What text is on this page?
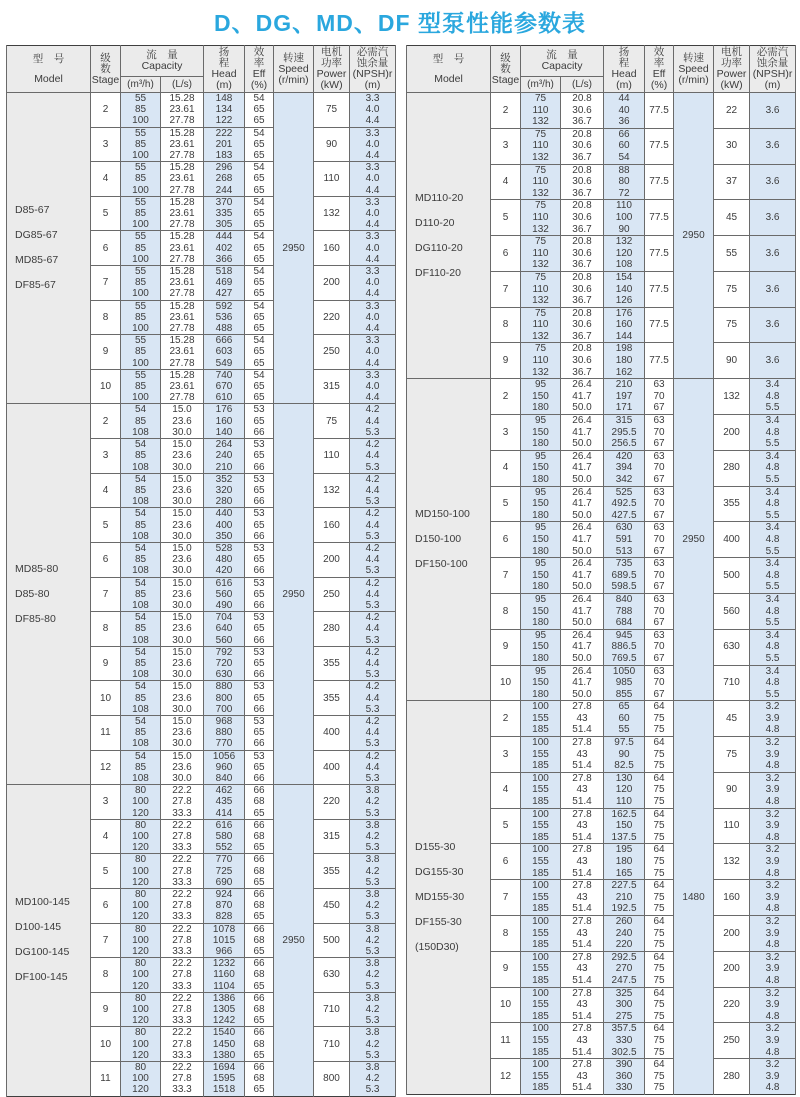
D、DG、MD、DF 型泵性能参数表
型　号
Model

级
数
Stage

流　量
Capacity

扬
程
Head
(m)

效
率
Eff
(%)

转速
Speed
(r/min)

电机
功率
Power
(kW)

必需汽
蚀余量
(NPSH)r
(m)

		(m³/h)	(L/s)					

D85-67
DG85-67
MD85-67
DF85-67	2	55	15.28	148	54	2950	75	3.3
		85	23.61	134	65			4.0
		100	27.78	122	65			4.4
	3	55	15.28	222	54		90	3.3
		85	23.61	201	65			4.0
		100	27.78	183	65			4.4
	4	55	15.28	296	54		110	3.3
		85	23.61	268	65			4.0
		100	27.78	244	65			4.4
	5	55	15.28	370	54		132	3.3
		85	23.61	335	65			4.0
		100	27.78	305	65			4.4
	6	55	15.28	444	54		160	3.3
		85	23.61	402	65			4.0
		100	27.78	366	65			4.4
	7	55	15.28	518	54		200	3.3
		85	23.61	469	65			4.0
		100	27.78	427	65			4.4
	8	55	15.28	592	54		220	3.3
		85	23.61	536	65			4.0
		100	27.78	488	65			4.4
	9	55	15.28	666	54		250	3.3
		85	23.61	603	65			4.0
		100	27.78	549	65			4.4
	10	55	15.28	740	54		315	3.3
		85	23.61	670	65			4.0
		100	27.78	610	65			4.4

MD85-80
D85-80
DF85-80	2	54	15.0	176	53	2950	75	4.2
		85	23.6	160	65			4.4
		108	30.0	140	66			5.3
	3	54	15.0	264	53		110	4.2
		85	23.6	240	65			4.4
		108	30.0	210	66			5.3
	4	54	15.0	352	53		132	4.2
		85	23.6	320	65			4.4
		108	30.0	280	66			5.3
	5	54	15.0	440	53		160	4.2
		85	23.6	400	65			4.4
		108	30.0	350	66			5.3
	6	54	15.0	528	53		200	4.2
		85	23.6	480	65			4.4
		108	30.0	420	66			5.3
	7	54	15.0	616	53		250	4.2
		85	23.6	560	65			4.4
		108	30.0	490	66			5.3
	8	54	15.0	704	53		280	4.2
		85	23.6	640	65			4.4
		108	30.0	560	66			5.3
	9	54	15.0	792	53		355	4.2
		85	23.6	720	65			4.4
		108	30.0	630	66			5.3
	10	54	15.0	880	53		355	4.2
		85	23.6	800	65			4.4
		108	30.0	700	66			5.3
	11	54	15.0	968	53		400	4.2
		85	23.6	880	65			4.4
		108	30.0	770	66			5.3
	12	54	15.0	1056	53		400	4.2
		85	23.6	960	65			4.4
		108	30.0	840	66			5.3

MD100-145
D100-145
DG100-145
DF100-145	3	80	22.2	462	66	2950	220	3.8
		100	27.8	435	68			4.2
		120	33.3	414	65			5.3
	4	80	22.2	616	66		315	3.8
		100	27.8	580	68			4.2
		120	33.3	552	65			5.3
	5	80	22.2	770	66		355	3.8
		100	27.8	725	68			4.2
		120	33.3	690	65			5.3
	6	80	22.2	924	66		450	3.8
		100	27.8	870	68			4.2
		120	33.3	828	65			5.3
	7	80	22.2	1078	66		500	3.8
		100	27.8	1015	68			4.2
		120	33.3	966	65			5.3
	8	80	22.2	1232	66		630	3.8
		100	27.8	1160	68			4.2
		120	33.3	1104	65			5.3
	9	80	22.2	1386	66		710	3.8
		100	27.8	1305	68			4.2
		120	33.3	1242	65			5.3
	10	80	22.2	1540	66		710	3.8
		100	27.8	1450	68			4.2
		120	33.3	1380	65			5.3
	11	80	22.2	1694	66		800	3.8
		100	27.8	1595	68			4.2
		120	33.3	1518	65			5.3
型　号
Model

级
数
Stage

流　量
Capacity

扬
程
Head
(m)

效
率
Eff
(%)

转速
Speed
(r/min)

电机
功率
Power
(kW)

必需汽
蚀余量
(NPSH)r
(m)

		(m³/h)	(L/s)					

MD110-20
D110-20
DG110-20
DF110-20	2	75	20.8	44	77.5	2950	22	3.6
		110	30.6	40				
		132	36.7	36				
	3	75	20.8	66	77.5		30	3.6
		110	30.6	60				
		132	36.7	54				
	4	75	20.8	88	77.5		37	3.6
		110	30.6	80				
		132	36.7	72				
	5	75	20.8	110	77.5		45	3.6
		110	30.6	100				
		132	36.7	90				
	6	75	20.8	132	77.5		55	3.6
		110	30.6	120				
		132	36.7	108				
	7	75	20.8	154	77.5		75	3.6
		110	30.6	140				
		132	36.7	126				
	8	75	20.8	176	77.5		75	3.6
		110	30.6	160				
		132	36.7	144				
	9	75	20.8	198	77.5		90	3.6
		110	30.6	180				
		132	36.7	162				

MD150-100
D150-100
DF150-100	2	95	26.4	210	63	2950	132	3.4
		150	41.7	197	70			4.8
		180	50.0	171	67			5.5
	3	95	26.4	315	63		200	3.4
		150	41.7	295.5	70			4.8
		180	50.0	256.5	67			5.5
	4	95	26.4	420	63		280	3.4
		150	41.7	394	70			4.8
		180	50.0	342	67			5.5
	5	95	26.4	525	63		355	3.4
		150	41.7	492.5	70			4.8
		180	50.0	427.5	67			5.5
	6	95	26.4	630	63		400	3.4
		150	41.7	591	70			4.8
		180	50.0	513	67			5.5
	7	95	26.4	735	63		500	3.4
		150	41.7	689.5	70			4.8
		180	50.0	598.5	67			5.5
	8	95	26.4	840	63		560	3.4
		150	41.7	788	70			4.8
		180	50.0	684	67			5.5
	9	95	26.4	945	63		630	3.4
		150	41.7	886.5	70			4.8
		180	50.0	769.5	67			5.5
	10	95	26.4	1050	63		710	3.4
		150	41.7	985	70			4.8
		180	50.0	855	67			5.5

D155-30
DG155-30
MD155-30
DF155-30
(150D30)	2	100	27.8	65	64	1480	45	3.2
		155	43	60	75			3.9
		185	51.4	55	75			4.8
	3	100	27.8	97.5	64		75	3.2
		155	43	90	75			3.9
		185	51.4	82.5	75			4.8
	4	100	27.8	130	64		90	3.2
		155	43	120	75			3.9
		185	51.4	110	75			4.8
	5	100	27.8	162.5	64		110	3.2
		155	43	150	75			3.9
		185	51.4	137.5	75			4.8
	6	100	27.8	195	64		132	3.2
		155	43	180	75			3.9
		185	51.4	165	75			4.8
	7	100	27.8	227.5	64		160	3.2
		155	43	210	75			3.9
		185	51.4	192.5	75			4.8
	8	100	27.8	260	64		200	3.2
		155	43	240	75			3.9
		185	51.4	220	75			4.8
	9	100	27.8	292.5	64		200	3.2
		155	43	270	75			3.9
		185	51.4	247.5	75			4.8
	10	100	27.8	325	64		220	3.2
		155	43	300	75			3.9
		185	51.4	275	75			4.8
	11	100	27.8	357.5	64		250	3.2
		155	43	330	75			3.9
		185	51.4	302.5	75			4.8
	12	100	27.8	390	64		280	3.2
		155	43	360	75			3.9
		185	51.4	330	75			4.8
